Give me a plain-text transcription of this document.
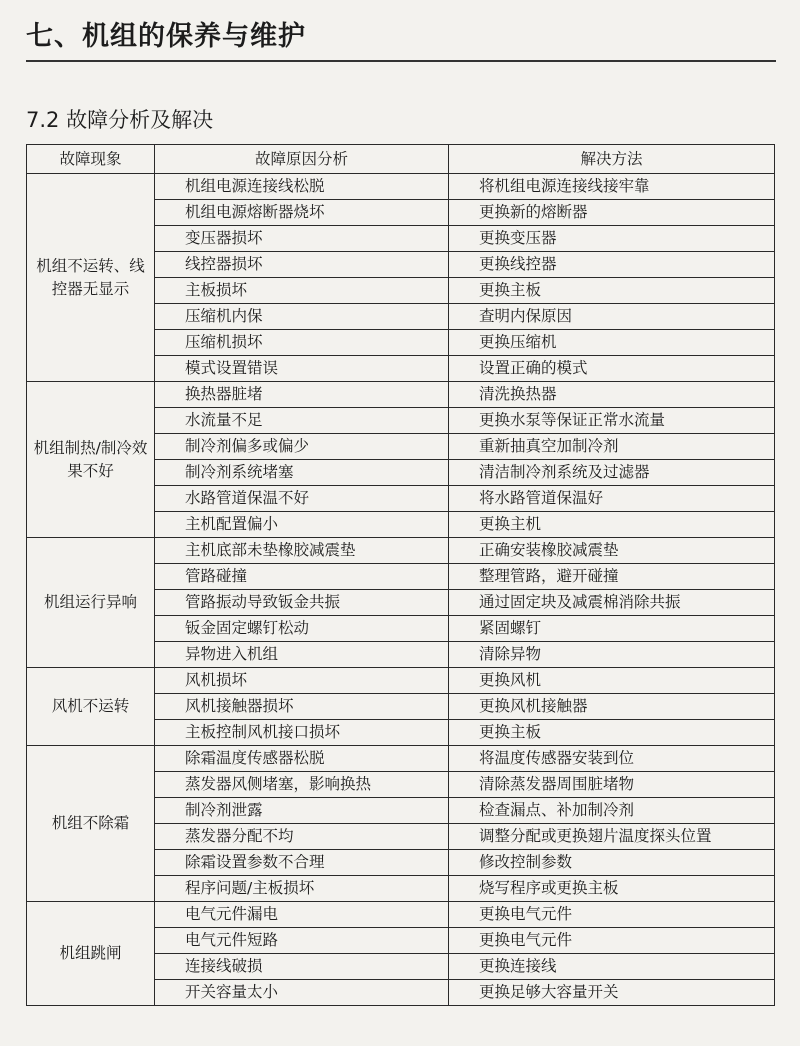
七、机组的保养与维护
7.2 故障分析及解决
故障现象	故障原因分析	解决方法
机组不运转、线控器无显示	机组电源连接线松脱	将机组电源连接线接牢靠
	机组电源熔断器烧坏	更换新的熔断器
	变压器损坏	更换变压器
	线控器损坏	更换线控器
	主板损坏	更换主板
	压缩机内保	查明内保原因
	压缩机损坏	更换压缩机
	模式设置错误	设置正确的模式
机组制热/制冷效果不好	换热器脏堵	清洗换热器
	水流量不足	更换水泵等保证正常水流量
	制冷剂偏多或偏少	重新抽真空加制冷剂
	制冷剂系统堵塞	清洁制冷剂系统及过滤器
	水路管道保温不好	将水路管道保温好
	主机配置偏小	更换主机
机组运行异响	主机底部未垫橡胶减震垫	正确安装橡胶减震垫
	管路碰撞	整理管路，避开碰撞
	管路振动导致钣金共振	通过固定块及减震棉消除共振
	钣金固定螺钉松动	紧固螺钉
	异物进入机组	清除异物
风机不运转	风机损坏	更换风机
	风机接触器损坏	更换风机接触器
	主板控制风机接口损坏	更换主板
机组不除霜	除霜温度传感器松脱	将温度传感器安装到位
	蒸发器风侧堵塞，影响换热	清除蒸发器周围脏堵物
	制冷剂泄露	检查漏点、补加制冷剂
	蒸发器分配不均	调整分配或更换翅片温度探头位置
	除霜设置参数不合理	修改控制参数
	程序问题/主板损坏	烧写程序或更换主板
机组跳闸	电气元件漏电	更换电气元件
	电气元件短路	更换电气元件
	连接线破损	更换连接线
	开关容量太小	更换足够大容量开关
